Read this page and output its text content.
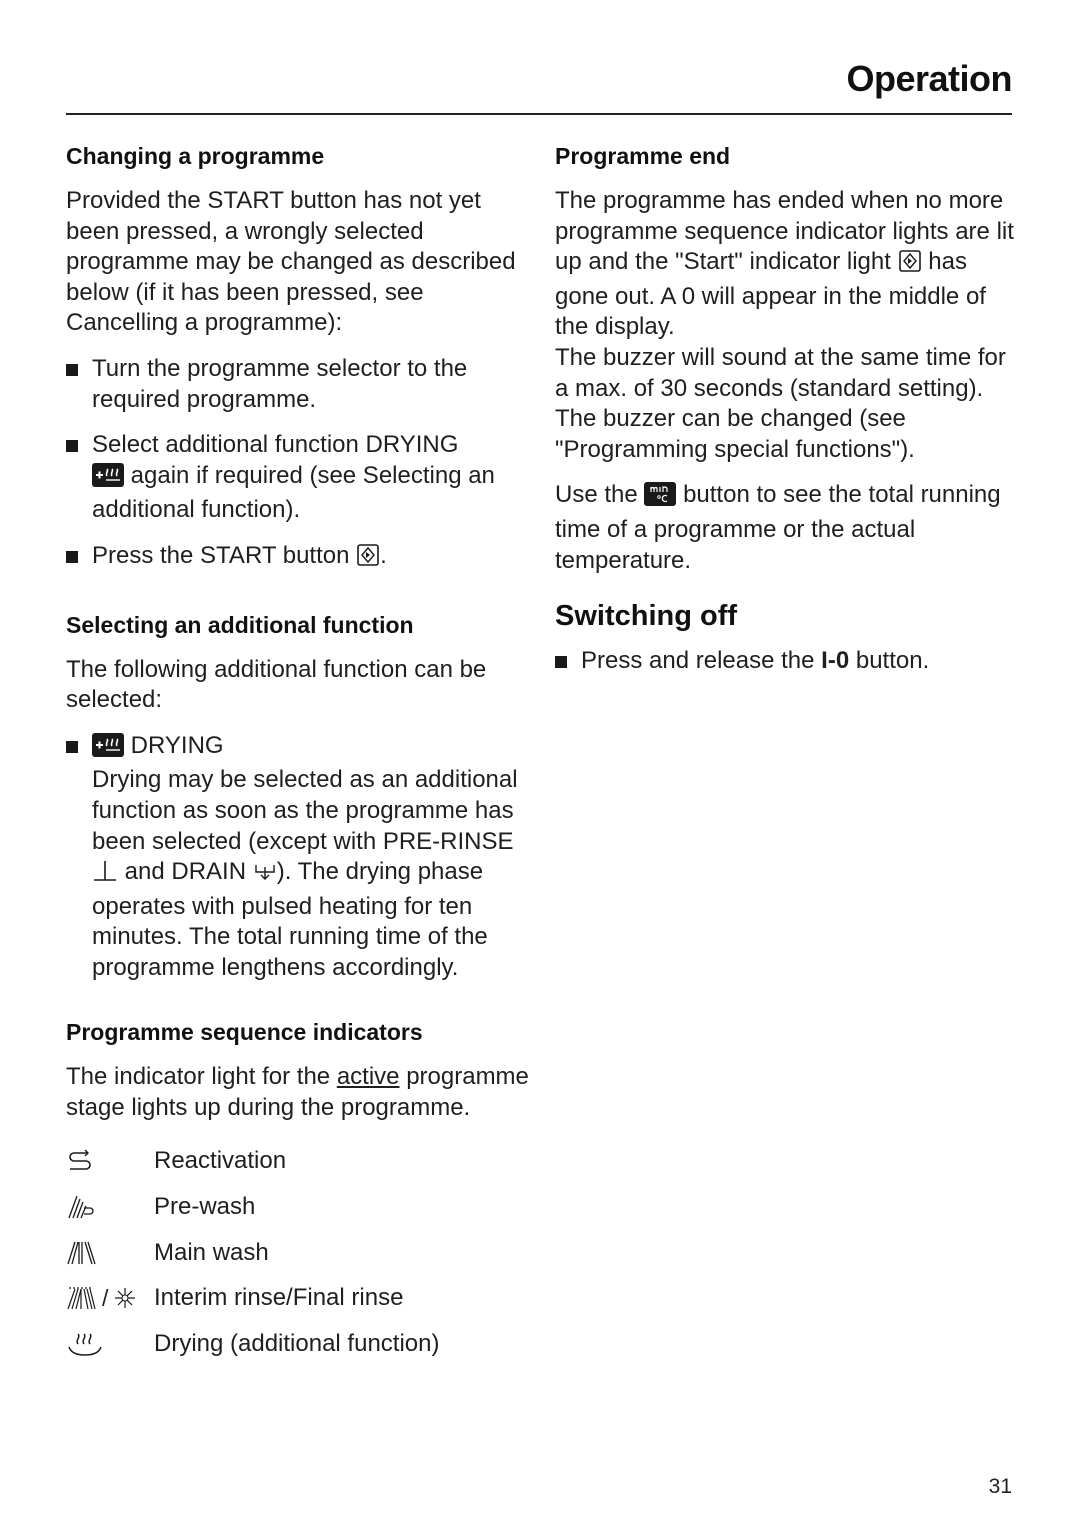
Operation
Changing a programme

Provided the START button has not yet been pressed, a wrongly selected programme may be changed as described below (if it has been pressed, see Cancelling a programme):

Turn the programme selector to the required programme.
Select additional function DRYING
again if required (see Selecting an additional function).
Press the START button .
Selecting an additional function

The following additional function can be selected:

DRYING
Drying may be selected as an additional function as soon as the programme has been selected (except with PRE-RINSE  and DRAIN ). The drying phase operates with pulsed heating for ten minutes. The total running time of the programme lengthens accordingly.
Programme sequence indicators

The indicator light for the active programme stage lights up during the programme.

Reactivation
Pre-wash
Main wash
/ Interim rinse/Final rinse
Drying (additional function)
Programme end

The programme has ended when no more programme sequence indicator lights are lit up and the "Start" indicator light has gone out. A 0 will appear in the middle of the display.
The buzzer will sound at the same time for a max. of 30 seconds (standard setting). The buzzer can be changed (see "Programming special functions").

Use the button to see the total running time of a programme or the actual temperature.

Switching off
Press and release the I-0 button.
31
